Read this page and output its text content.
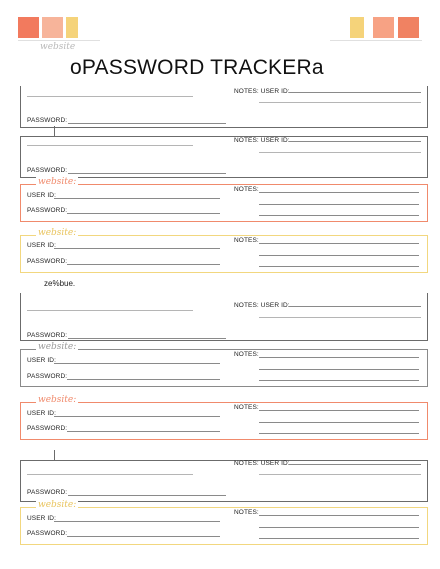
website
oPASSWORD TRACKERa
NOTES: USER ID:
PASSWORD:
NOTES: USER ID:
PASSWORD:
website:
USER ID:
NOTES:
PASSWORD:
website:
USER ID:
NOTES:
PASSWORD:
ze%bue.
NOTES: USER ID:
PASSWORD:
website:
USER ID:
NOTES:
PASSWORD:
website:
USER ID:
NOTES:
PASSWORD:
NOTES: USER ID:
PASSWORD:
website:
USER ID:
NOTES:
PASSWORD:
